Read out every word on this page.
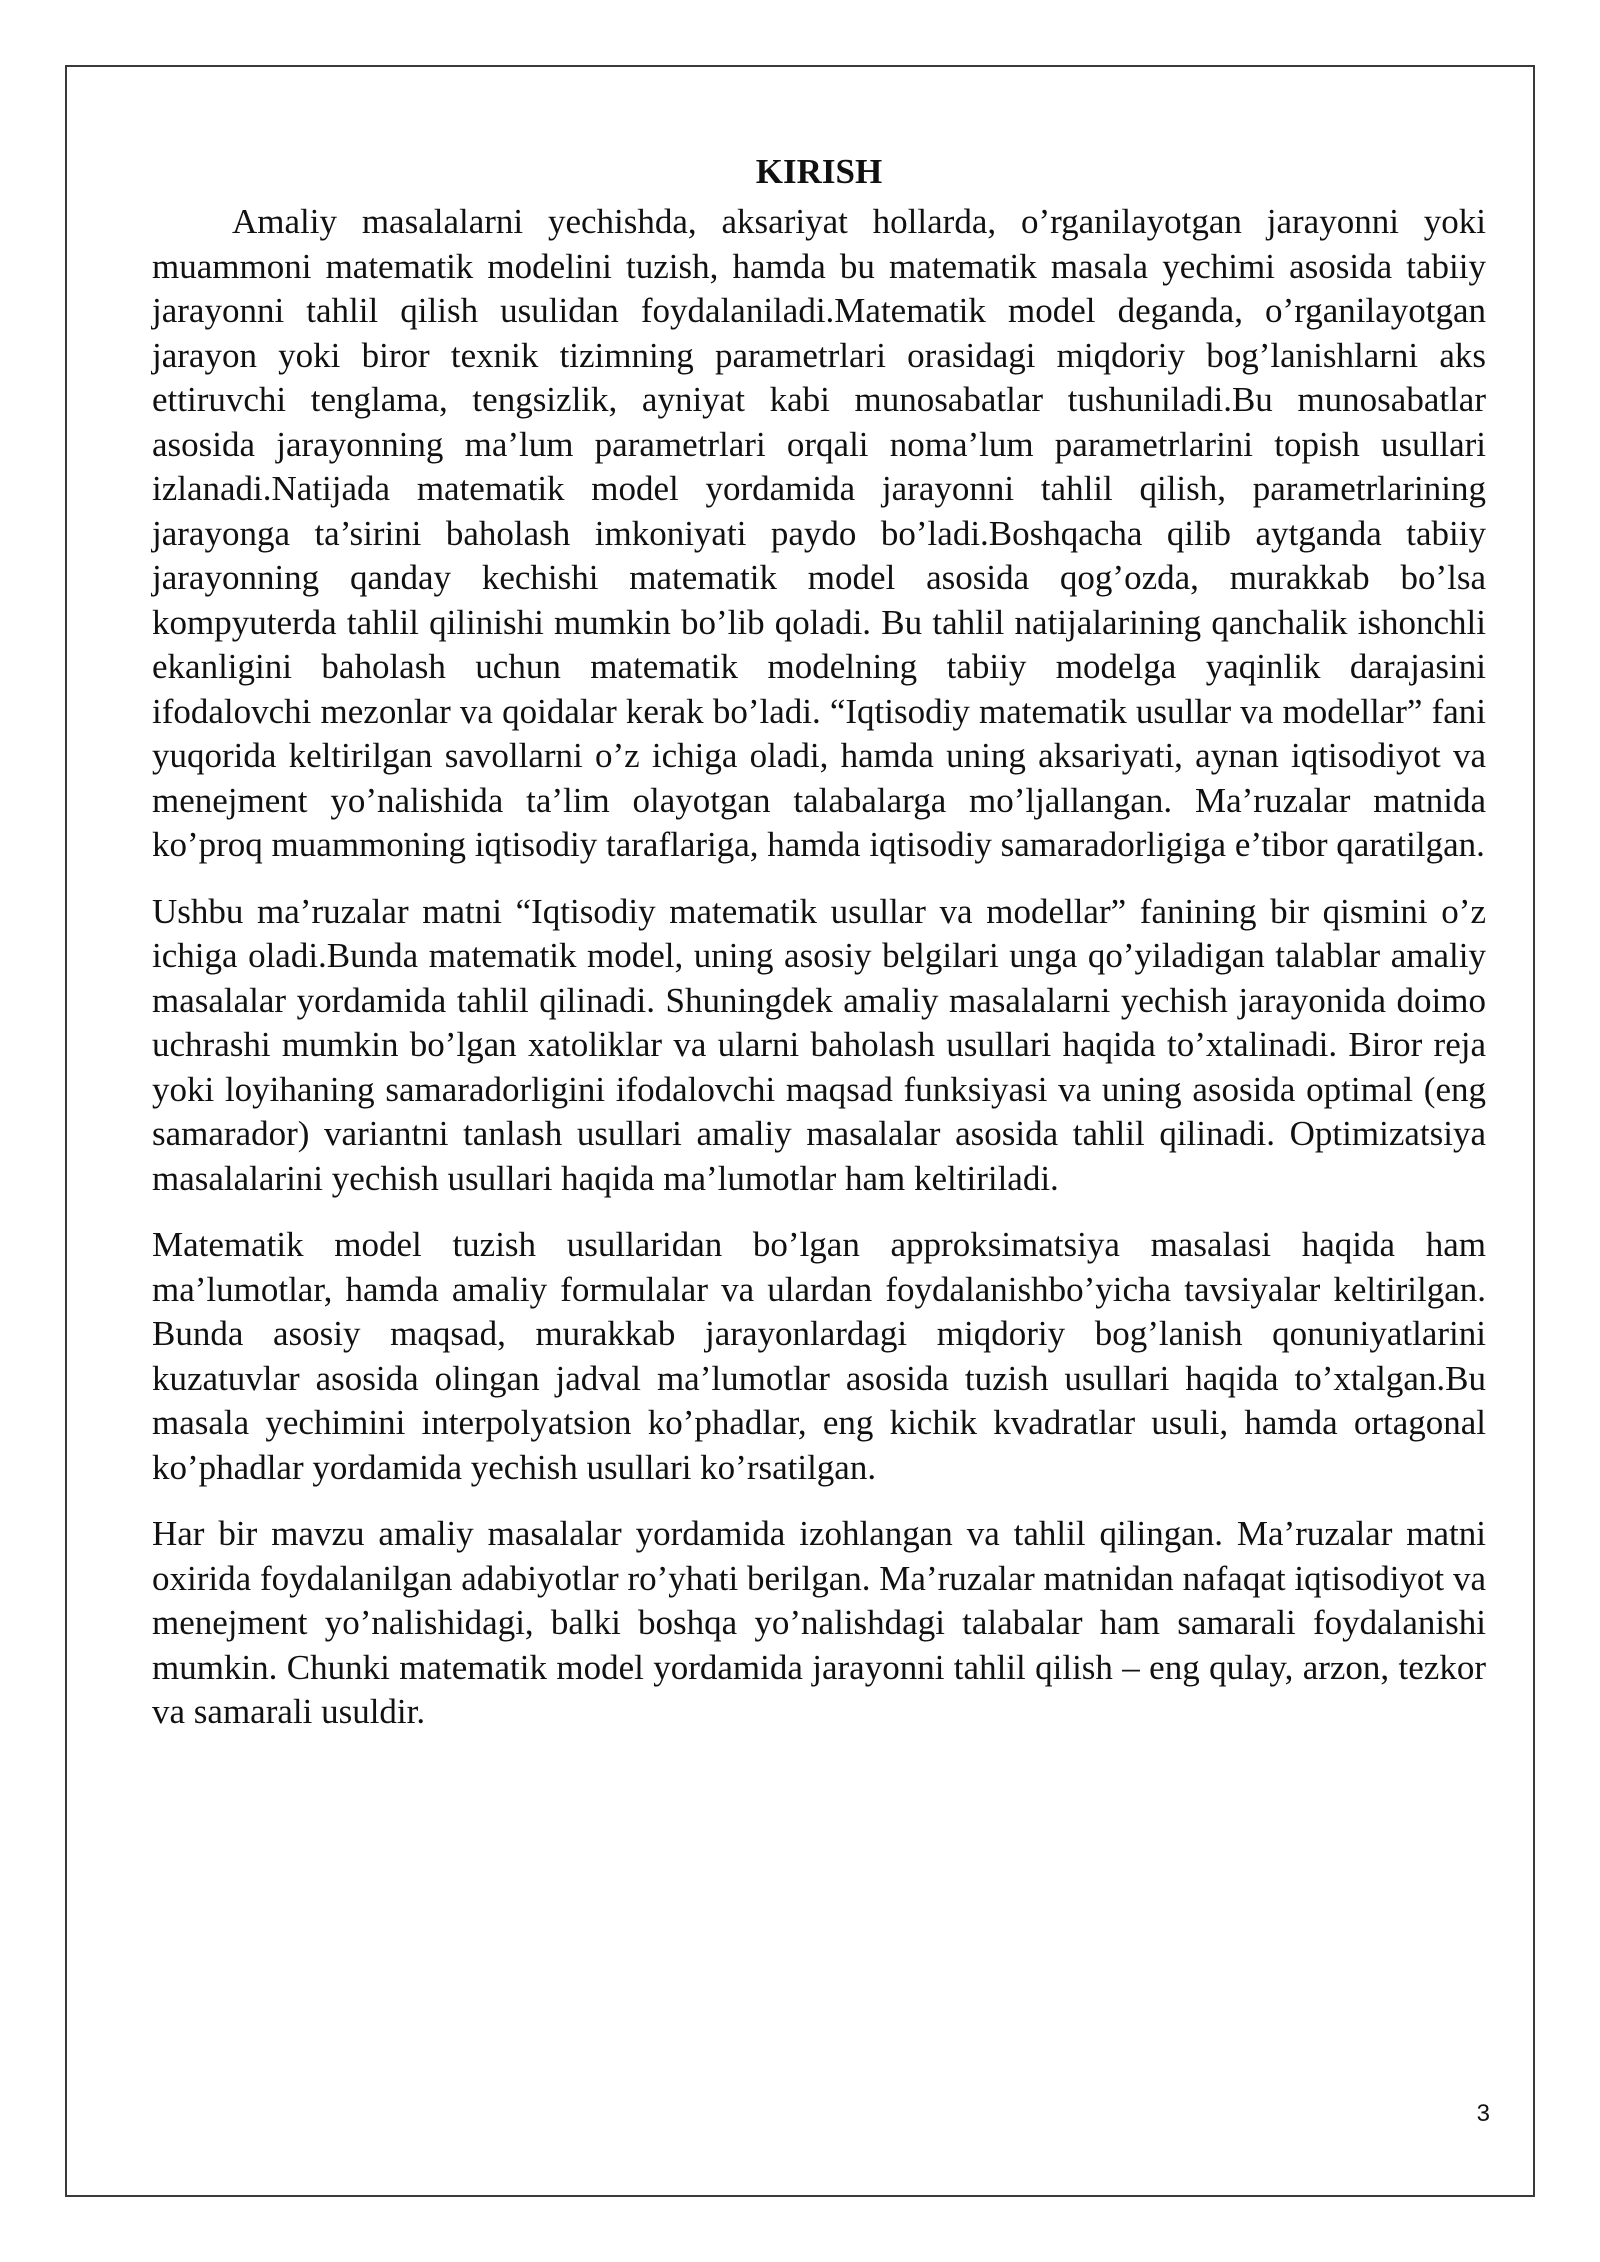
KIRISH

Amaliy masalalarni yechishda, aksariyat hollarda, o’rganilayotgan jarayonni yoki muammoni matematik modelini tuzish, hamda bu matematik masala yechimi asosida tabiiy jarayonni tahlil qilish usulidan foydalaniladi.Matematik model deganda, o’rganilayotgan jarayon yoki biror texnik tizimning parametrlari orasidagi miqdoriy bog’lanishlarni aks ettiruvchi tenglama, tengsizlik, ayniyat kabi munosabatlar tushuniladi.Bu munosabatlar asosida jarayonning ma’lum parametrlari orqali noma’lum parametrlarini topish usullari izlanadi.Natijada matematik model yordamida jarayonni tahlil qilish, parametrlarining jarayonga ta’sirini baholash imkoniyati paydo bo’ladi.Boshqacha qilib aytganda tabiiy jarayonning qanday kechishi matematik model asosida qog’ozda, murakkab bo’lsa kompyuterda tahlil qilinishi mumkin bo’lib qoladi. Bu tahlil natijalarining qanchalik ishonchli ekanligini baholash uchun matematik modelning tabiiy modelga yaqinlik darajasini ifodalovchi mezonlar va qoidalar kerak bo’ladi. “Iqtisodiy matematik usullar va modellar” fani yuqorida keltirilgan savollarni o’z ichiga oladi, hamda uning aksariyati, aynan iqtisodiyot va menejment yo’nalishida ta’lim olayotgan talabalarga mo’ljallangan. Ma’ruzalar matnida ko’proq muammoning iqtisodiy taraflariga, hamda iqtisodiy samaradorligiga e’tibor qaratilgan.

Ushbu ma’ruzalar matni “Iqtisodiy matematik usullar va modellar” fanining bir qismini o’z ichiga oladi.Bunda matematik model, uning asosiy belgilari unga qo’yiladigan talablar amaliy masalalar yordamida tahlil qilinadi. Shuningdek amaliy masalalarni yechish jarayonida doimo uchrashi mumkin bo’lgan xatoliklar va ularni baholash usullari haqida to’xtalinadi. Biror reja yoki loyihaning samaradorligini ifodalovchi maqsad funksiyasi va uning asosida optimal (eng samarador) variantni tanlash usullari amaliy masalalar asosida tahlil qilinadi. Optimizatsiya masalalarini yechish usullari haqida ma’lumotlar ham keltiriladi.

Matematik model tuzish usullaridan bo’lgan approksimatsiya masalasi haqida ham ma’lumotlar, hamda amaliy formulalar va ulardan foydalanishbo’yicha tavsiyalar keltirilgan. Bunda asosiy maqsad, murakkab jarayonlardagi miqdoriy bog’lanish qonuniyatlarini kuzatuvlar asosida olingan jadval ma’lumotlar asosida tuzish usullari haqida to’xtalgan.Bu masala yechimini interpolyatsion ko’phadlar, eng kichik kvadratlar usuli, hamda ortagonal ko’phadlar yordamida yechish usullari ko’rsatilgan.

Har bir mavzu amaliy masalalar yordamida izohlangan va tahlil qilingan. Ma’ruzalar matni oxirida foydalanilgan adabiyotlar ro’yhati berilgan. Ma’ruzalar matnidan nafaqat iqtisodiyot va menejment yo’nalishidagi, balki boshqa yo’nalishdagi talabalar ham samarali foydalanishi mumkin. Chunki matematik model yordamida jarayonni tahlil qilish – eng qulay, arzon, tezkor va samarali usuldir.

3
